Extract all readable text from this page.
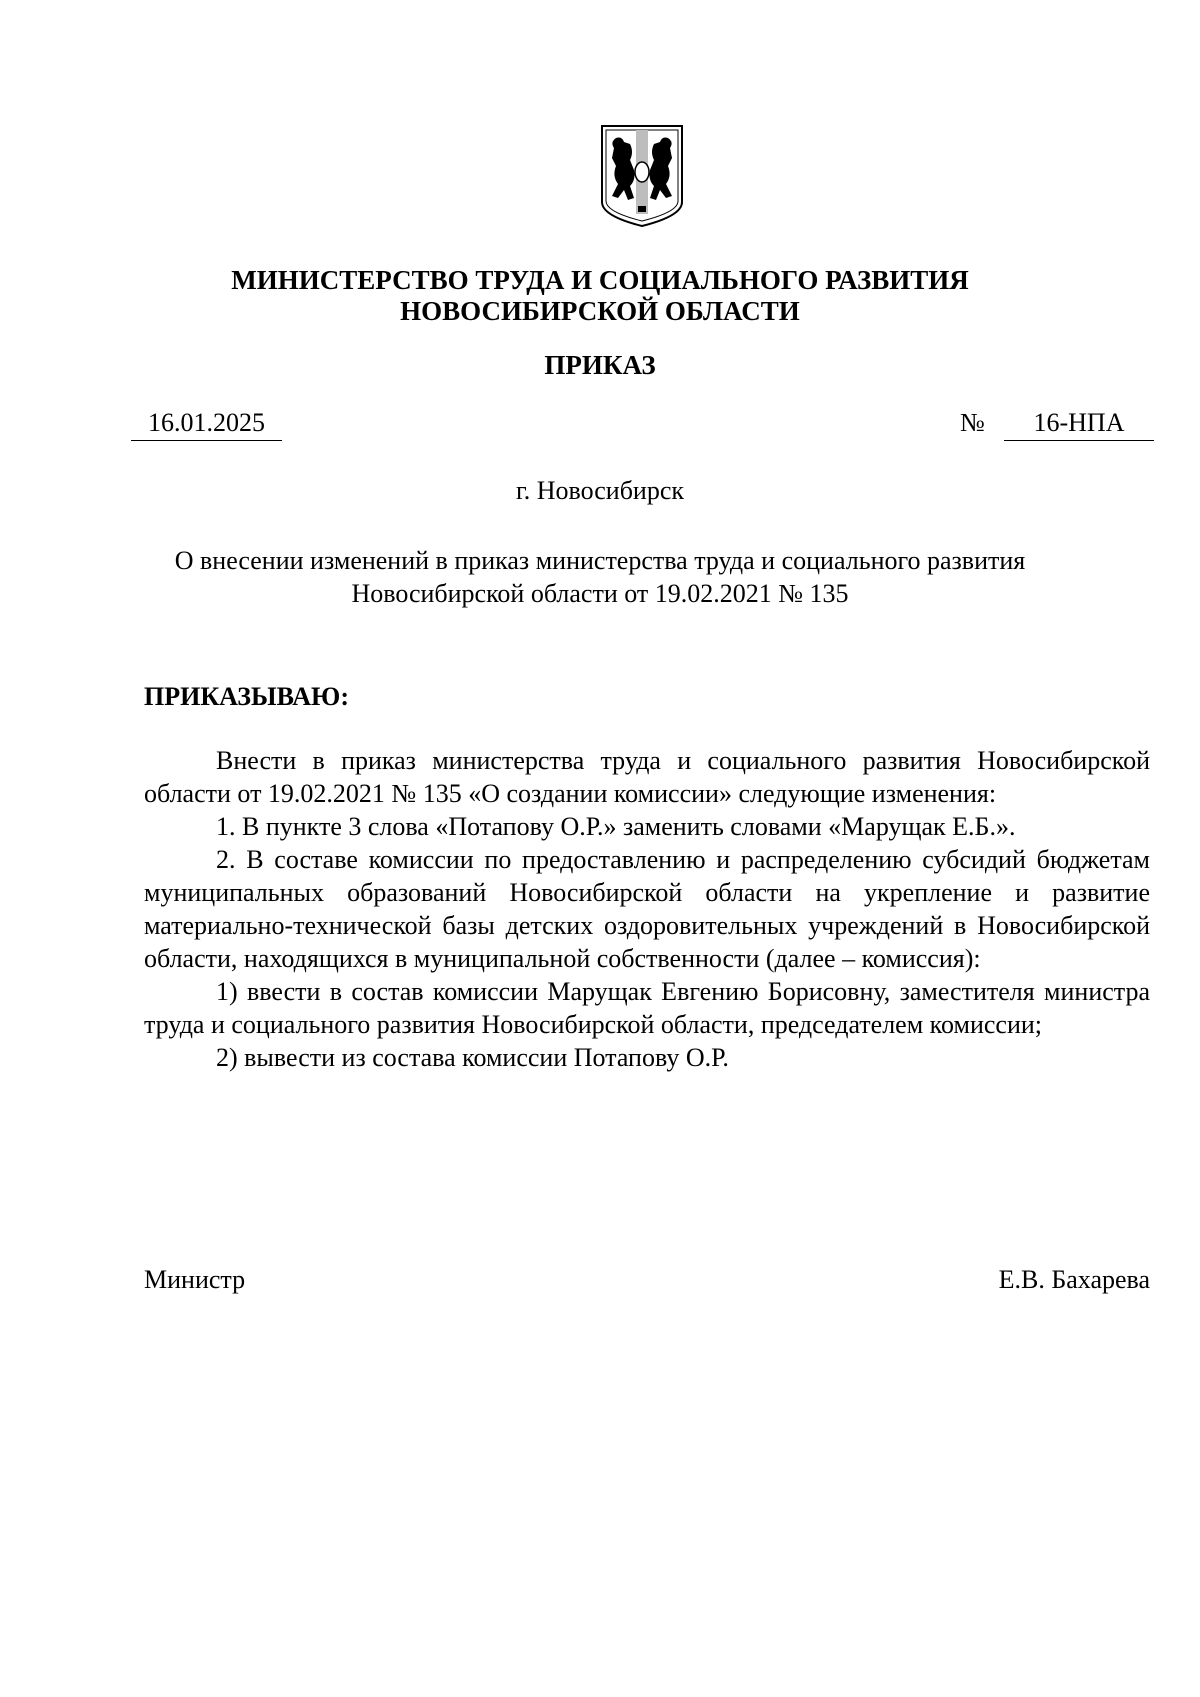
МИНИСТЕРСТВО ТРУДА И СОЦИАЛЬНОГО РАЗВИТИЯ
НОВОСИБИРСКОЙ ОБЛАСТИ
ПРИКАЗ
16.01.2025	№	16-НПА
г. Новосибирск
О внесении изменений в приказ министерства труда и социального развития Новосибирской области от 19.02.2021 № 135
ПРИКАЗЫВАЮ:

Внести в приказ министерства труда и социального развития Новосибирской области от 19.02.2021 № 135 «О создании комиссии» следующие изменения:

1. В пункте 3 слова «Потапову О.Р.» заменить словами «Марущак Е.Б.».

2. В составе комиссии по предоставлению и распределению субсидий бюджетам муниципальных образований Новосибирской области на укрепление и развитие материально-технической базы детских оздоровительных учреждений в Новосибирской области, находящихся в муниципальной собственности (далее – комиссия):

1) ввести в состав комиссии Марущак Евгению Борисовну, заместителя министра труда и социального развития Новосибирской области, председателем комиссии;

2) вывести из состава комиссии Потапову О.Р.

Министр	Е.В. Бахарева
